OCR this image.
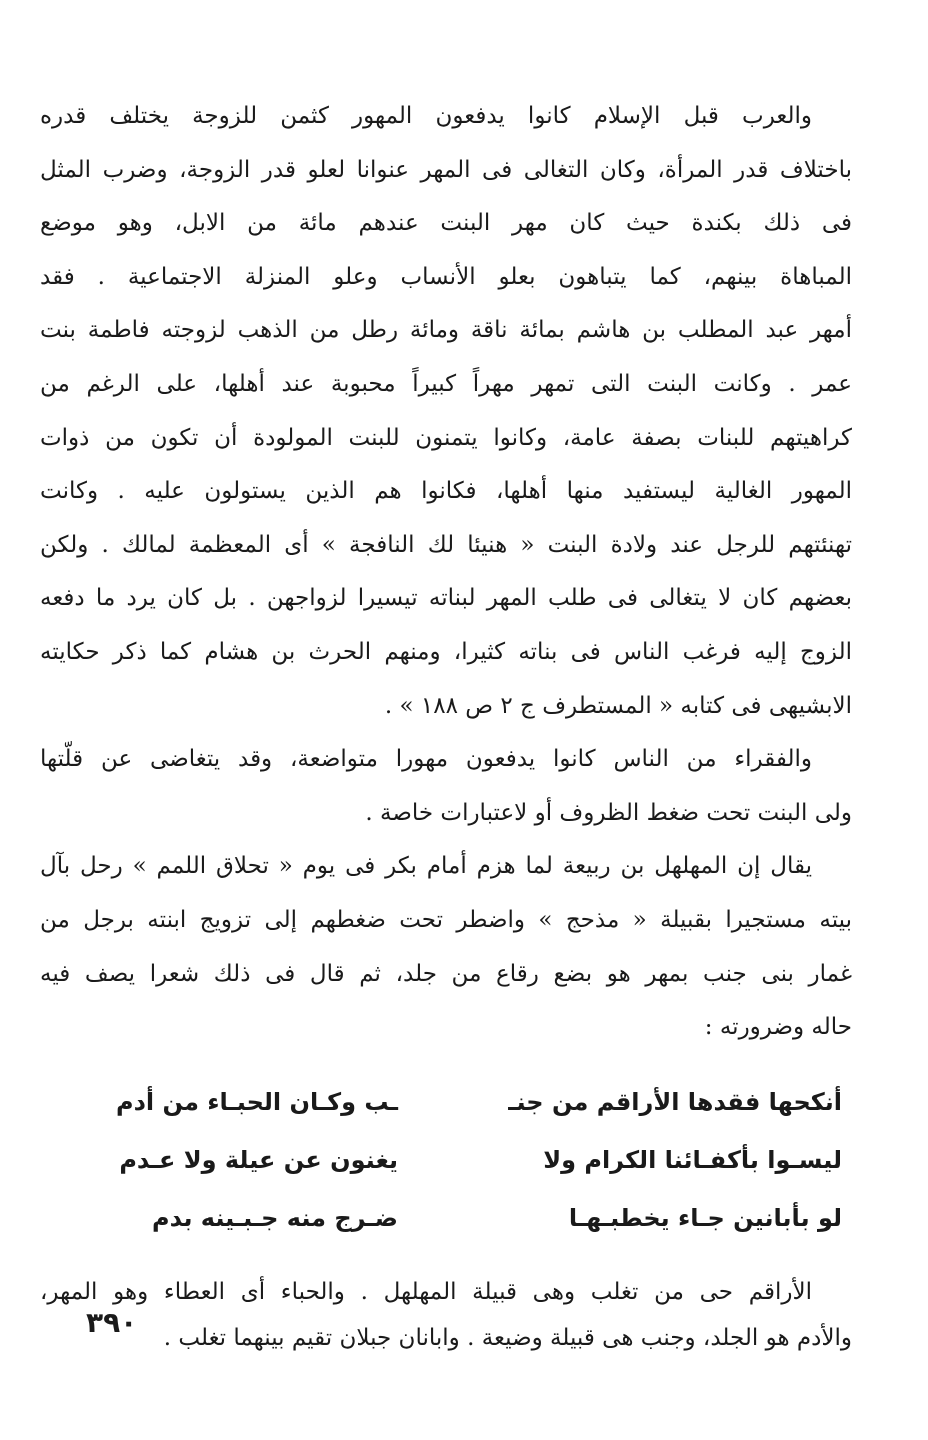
والعرب قبل الإسلام كانوا يدفعون المهور كثمن للزوجة يختلف قدره
باختلاف قدر المرأة، وكان التغالى فى المهر عنوانا لعلو قدر الزوجة، وضرب المثل
فى ذلك بكندة حيث كان مهر البنت عندهم مائة من الابل، وهو موضع
المباهاة بينهم، كما يتباهون بعلو الأنساب وعلو المنزلة الاجتماعية . فقد
أمهر عبد المطلب بن هاشم بمائة ناقة ومائة رطل من الذهب لزوجته فاطمة بنت
عمر . وكانت البنت التى تمهر مهراً كبيراً محبوبة عند أهلها، على الرغم من
كراهيتهم للبنات بصفة عامة، وكانوا يتمنون للبنت المولودة أن تكون من ذوات
المهور الغالية ليستفيد منها أهلها، فكانوا هم الذين يستولون عليه . وكانت
تهنئتهم للرجل عند ولادة البنت « هنيئا لك النافجة » أى المعظمة لمالك . ولكن
بعضهم كان لا يتغالى فى طلب المهر لبناته تيسيرا لزواجهن . بل كان يرد ما دفعه
الزوج إليه فرغب الناس فى بناته كثيرا، ومنهم الحرث بن هشام كما ذكر حكايته
الابشيهى فى كتابه « المستطرف ج ٢ ص ١٨٨ » .

والفقراء من الناس كانوا يدفعون مهورا متواضعة، وقد يتغاضى عن قلّتها
ولى البنت تحت ضغط الظروف أو لاعتبارات خاصة .

يقال إن المهلهل بن ربيعة لما هزم أمام بكر فى يوم « تحلاق اللمم » رحل بآل
بيته مستجيرا بقبيلة « مذحج » واضطر تحت ضغطهم إلى تزويج ابنته برجل من
غمار بنى جنب بمهر هو بضع رقاع من جلد، ثم قال فى ذلك شعرا يصف فيه
حاله وضرورته :

أنكحها فقدها الأراقم من جنـ
ـب وكـان الحبـاء من أدم
ليسـوا بأكفـائنا الكرام ولا
يغنون عن عيلة ولا عـدم
لو بأبانين جـاء يخطبـهـا
ضـرج منه جـبـينه بدم

الأراقم حى من تغلب وهى قبيلة المهلهل . والحباء أى العطاء وهو المهر،
والأدم هو الجلد، وجنب هى قبيلة وضيعة . وابانان جبلان تقيم بينهما تغلب .

٣٩٠
